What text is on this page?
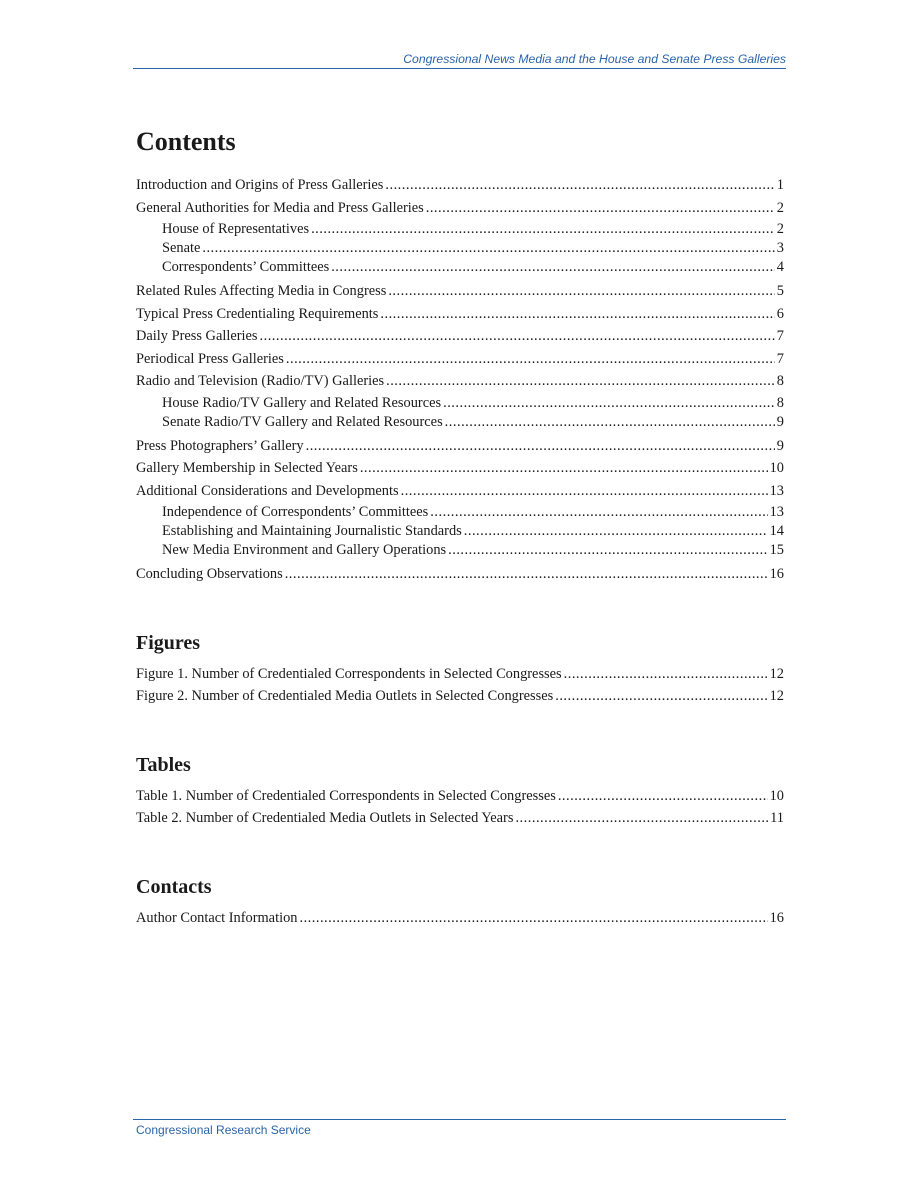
Congressional News Media and the House and Senate Press Galleries
Contents
Introduction and Origins of Press Galleries .....	1
General Authorities for Media and Press Galleries .....	2
House of Representatives .....	2
Senate .....	3
Correspondents’ Committees .....	4
Related Rules Affecting Media in Congress .....	5
Typical Press Credentialing Requirements .....	6
Daily Press Galleries .....	7
Periodical Press Galleries .....	7
Radio and Television (Radio/TV) Galleries .....	8
House Radio/TV Gallery and Related Resources .....	8
Senate Radio/TV Gallery and Related Resources .....	9
Press Photographers’ Gallery .....	9
Gallery Membership in Selected Years .....	10
Additional Considerations and Developments .....	13
Independence of Correspondents’ Committees .....	13
Establishing and Maintaining Journalistic Standards .....	14
New Media Environment and Gallery Operations .....	15
Concluding Observations .....	16
Figures
Figure 1. Number of Credentialed Correspondents in Selected Congresses .....	12
Figure 2. Number of Credentialed Media Outlets in Selected Congresses .....	12
Tables
Table 1. Number of Credentialed Correspondents in Selected Congresses .....	10
Table 2. Number of Credentialed Media Outlets in Selected Years .....	11
Contacts
Author Contact Information .....	16
Congressional Research Service
